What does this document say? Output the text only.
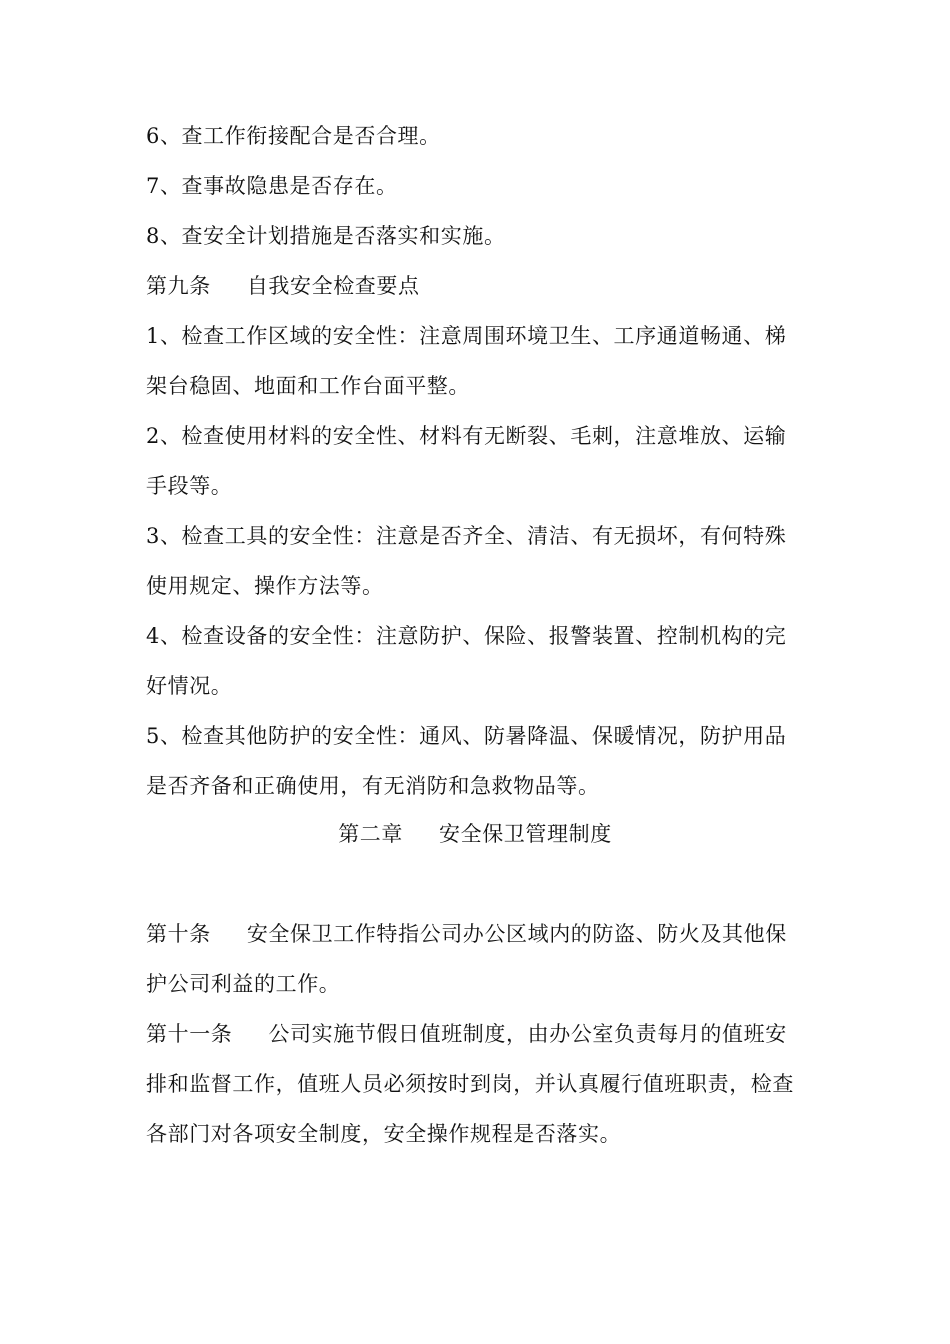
6、查工作衔接配合是否合理。
7、查事故隐患是否存在。
8、查安全计划措施是否落实和实施。
第九条 自我安全检查要点
1、检查工作区域的安全性：注意周围环境卫生、工序通道畅通、梯
架台稳固、地面和工作台面平整。
2、检查使用材料的安全性、材料有无断裂、毛刺，注意堆放、运输
手段等。
3、检查工具的安全性：注意是否齐全、清洁、有无损坏，有何特殊
使用规定、操作方法等。
4、检查设备的安全性：注意防护、保险、报警装置、控制机构的完
好情况。
5、检查其他防护的安全性：通风、防暑降温、保暖情况，防护用品
是否齐备和正确使用，有无消防和急救物品等。
第二章 安全保卫管理制度
第十条 安全保卫工作特指公司办公区域内的防盗、防火及其他保
护公司利益的工作。
第十一条 公司实施节假日值班制度，由办公室负责每月的值班安
排和监督工作，值班人员必须按时到岗，并认真履行值班职责，检查
各部门对各项安全制度，安全操作规程是否落实。
